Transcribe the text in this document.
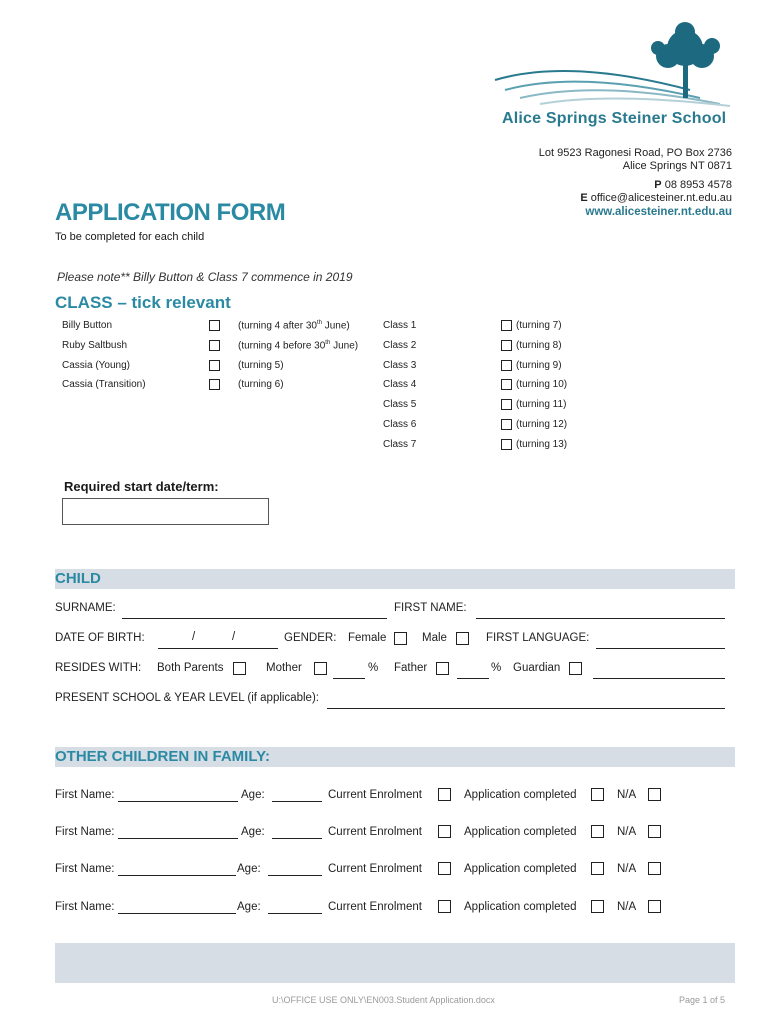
Alice Springs Steiner School
Lot 9523 Ragonesi Road, PO Box 2736
Alice Springs NT 0871
P 08 8953 4578
E office@alicesteiner.nt.edu.au
www.alicesteiner.nt.edu.au
APPLICATION FORM
To be completed for each child
Please note** Billy Button & Class 7 commence in 2019
CLASS – tick relevant
Billy Button	(turning 4 after 30th June)
Ruby Saltbush	(turning 4 before 30th June)
Cassia (Young)	(turning 5)
Cassia (Transition)	(turning 6)
Class 1	(turning 7)
Class 2	(turning 8)
Class 3	(turning 9)
Class 4	(turning 10)
Class 5	(turning 11)
Class 6	(turning 12)
Class 7	(turning 13)
Required start date/term:
CHILD
SURNAME:	FIRST NAME:
DATE OF BIRTH:	/	/	GENDER: Female	Male	FIRST LANGUAGE:
RESIDES WITH: Both Parents	Mother	% Father	% Guardian
PRESENT SCHOOL & YEAR LEVEL (if applicable):
OTHER CHILDREN IN FAMILY:
First Name:	Age:	Current Enrolment	Application completed	N/A
First Name:	Age:	Current Enrolment	Application completed	N/A
First Name:	Age:	Current Enrolment	Application completed	N/A
First Name:	Age:	Current Enrolment	Application completed	N/A
U:\OFFICE USE ONLY\EN003.Student Application.docx	Page 1 of 5
